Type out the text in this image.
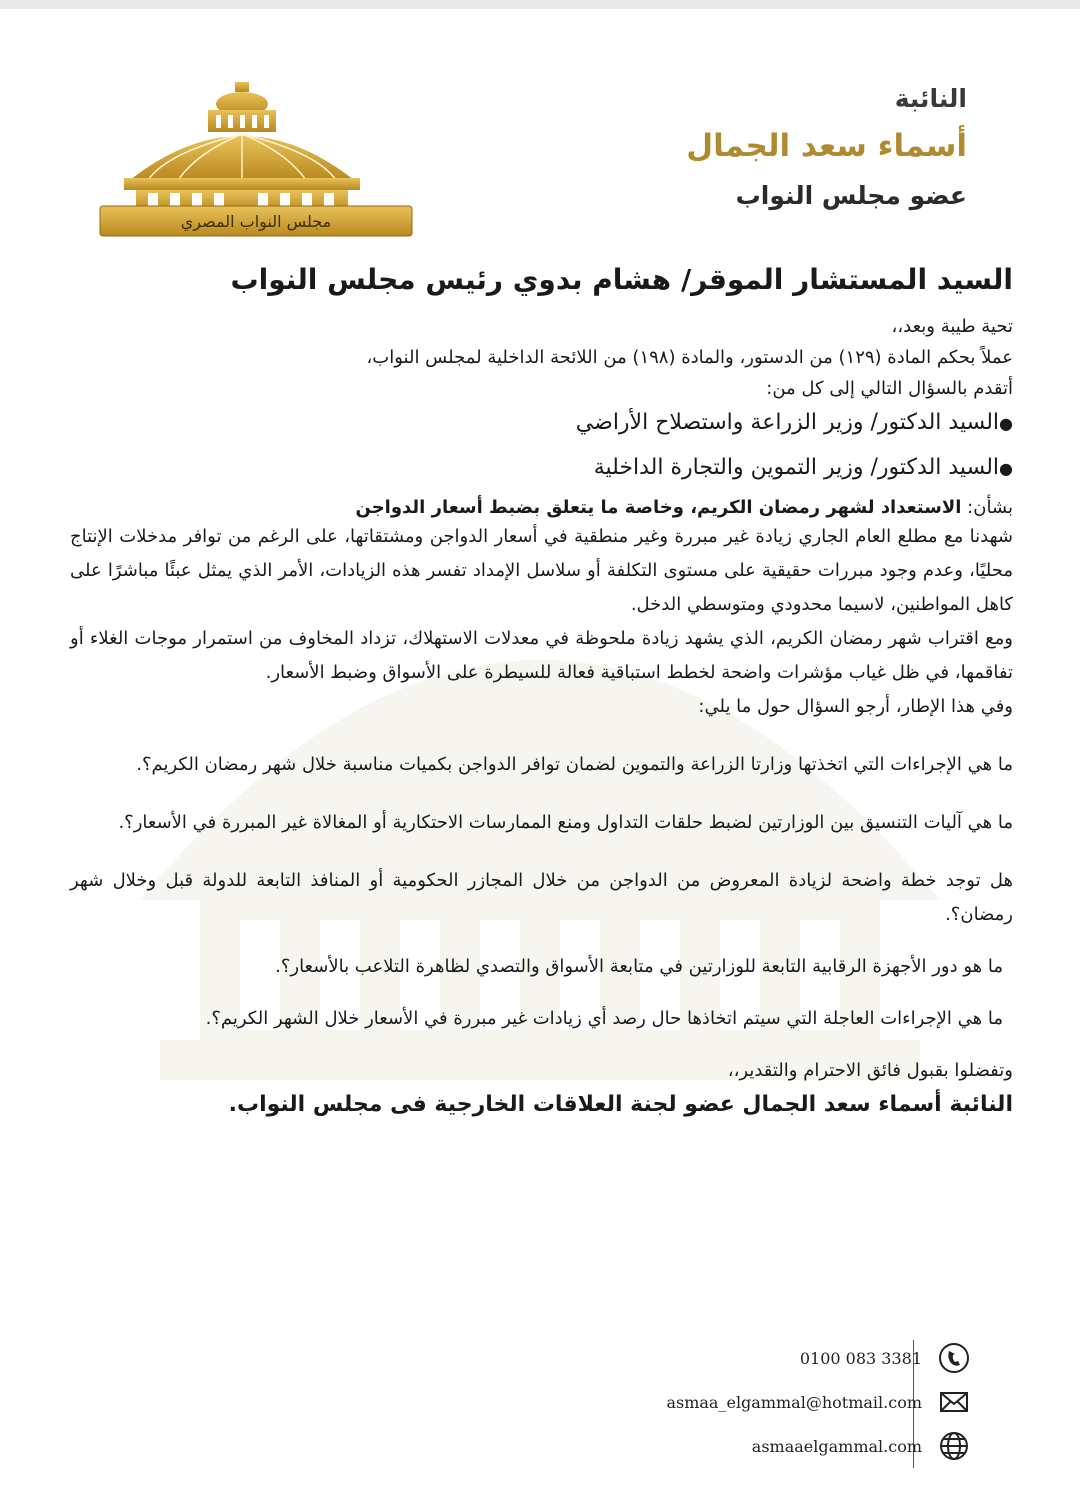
مجلس النواب المصري
النائبة
أسماء سعد الجمال
عضو مجلس النواب
السيد المستشار الموقر/ هشام بدوي رئيس مجلس النواب

تحية طيبة وبعد،،

عملاً بحكم المادة (١٢٩) من الدستور، والمادة (١٩٨) من اللائحة الداخلية لمجلس النواب،

أتقدم بالسؤال التالي إلى كل من:

●السيد الدكتور/ وزير الزراعة واستصلاح الأراضي
●السيد الدكتور/ وزير التموين والتجارة الداخلية

بشأن: الاستعداد لشهر رمضان الكريم، وخاصة ما يتعلق بضبط أسعار الدواجن

شهدنا مع مطلع العام الجاري زيادة غير مبررة وغير منطقية في أسعار الدواجن ومشتقاتها، على الرغم من توافر مدخلات الإنتاج محليًا، وعدم وجود مبررات حقيقية على مستوى التكلفة أو سلاسل الإمداد تفسر هذه الزيادات، الأمر الذي يمثل عبئًا مباشرًا على كاهل المواطنين، لاسيما محدودي ومتوسطي الدخل.

ومع اقتراب شهر رمضان الكريم، الذي يشهد زيادة ملحوظة في معدلات الاستهلاك، تزداد المخاوف من استمرار موجات الغلاء أو تفاقمها، في ظل غياب مؤشرات واضحة لخطط استباقية فعالة للسيطرة على الأسواق وضبط الأسعار.

وفي هذا الإطار، أرجو السؤال حول ما يلي:

ما هي الإجراءات التي اتخذتها وزارتا الزراعة والتموين لضمان توافر الدواجن بكميات مناسبة خلال شهر رمضان الكريم؟.

ما هي آليات التنسيق بين الوزارتين لضبط حلقات التداول ومنع الممارسات الاحتكارية أو المغالاة غير المبررة في الأسعار؟.

هل توجد خطة واضحة لزيادة المعروض من الدواجن من خلال المجازر الحكومية أو المنافذ التابعة للدولة قبل وخلال شهر رمضان؟.

ما هو دور الأجهزة الرقابية التابعة للوزارتين في متابعة الأسواق والتصدي لظاهرة التلاعب بالأسعار؟.

ما هي الإجراءات العاجلة التي سيتم اتخاذها حال رصد أي زيادات غير مبررة في الأسعار خلال الشهر الكريم؟.

وتفضلوا بقبول فائق الاحترام والتقدير،،

النائبة أسماء سعد الجمال عضو لجنة العلاقات الخارجية فى مجلس النواب.
0100 083 3381
asmaa_elgammal@hotmail.com
asmaaelgammal.com
